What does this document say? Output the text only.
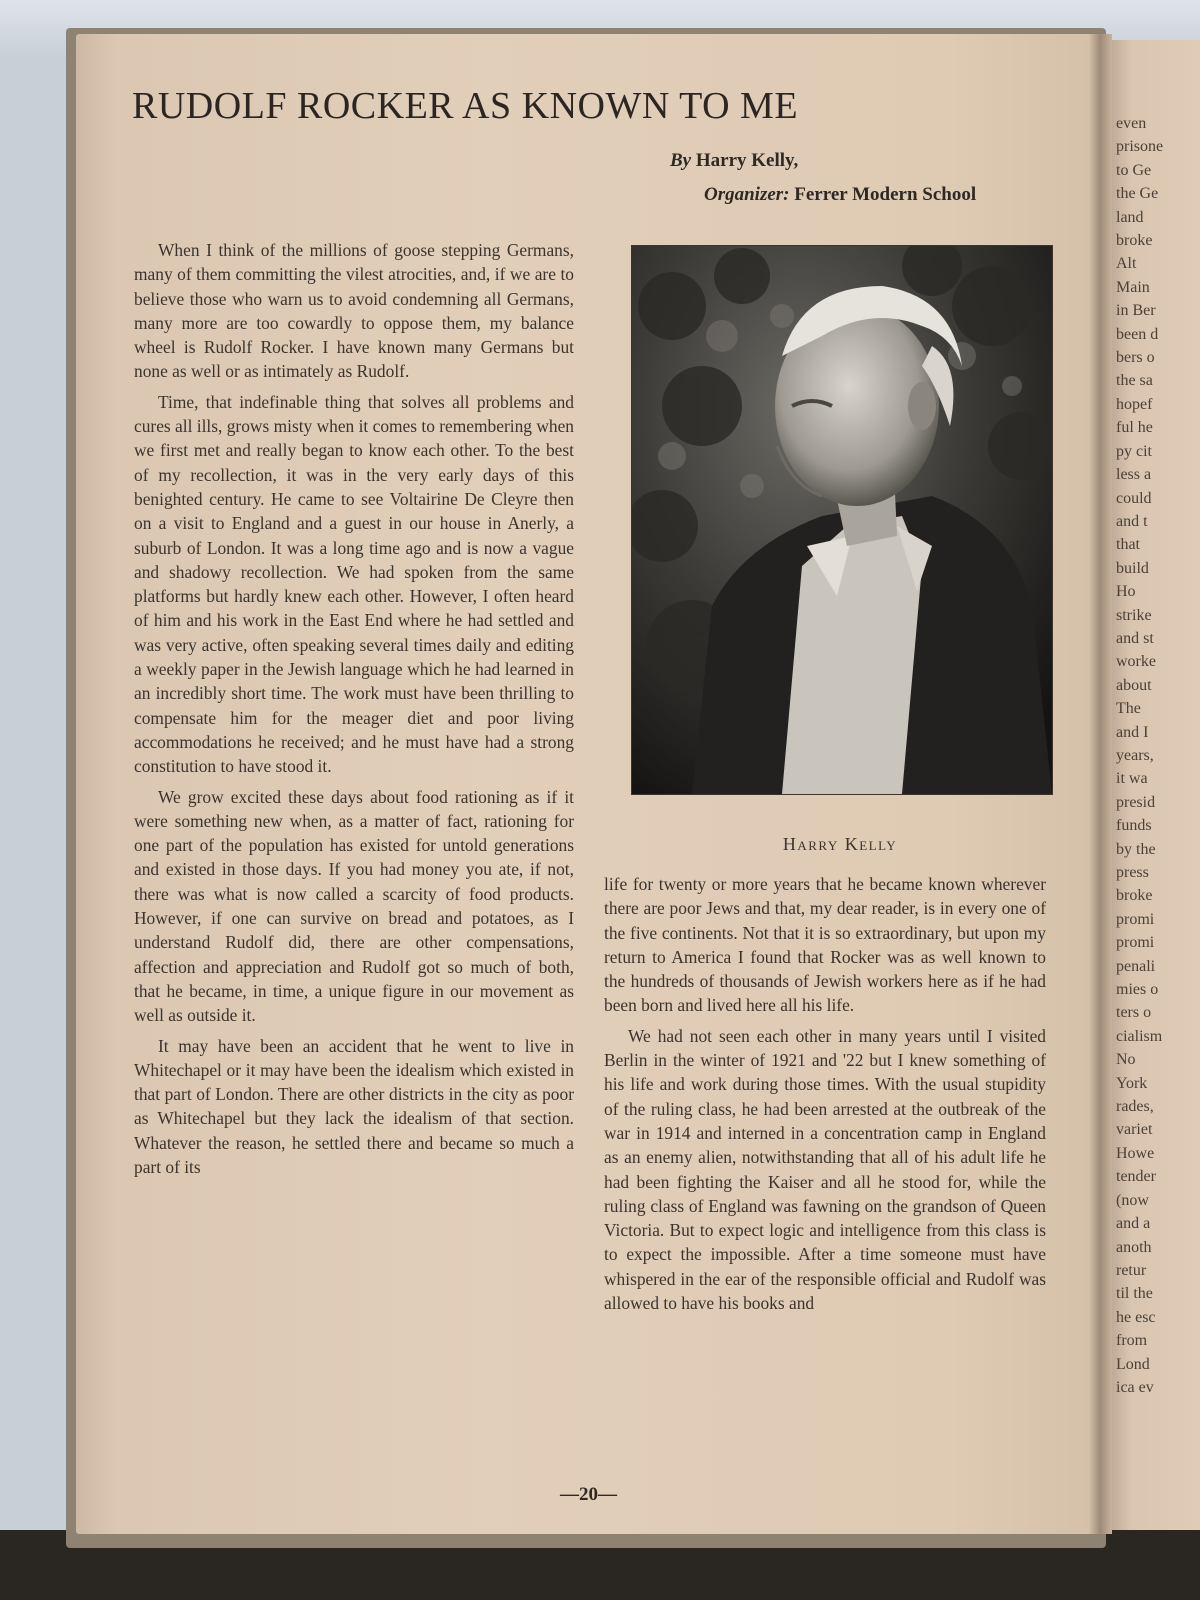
even
prisone
to Ge
the Ge
land
broke
Alt
Main
in Ber
been d
bers o
the sa
hopef
ful he
py cit
less a
could
and t
that
build
Ho
strike
and st
worke
about
The
and I
years,
it wa
presid
funds
by the
press
broke
promi
promi
penali
mies o
ters o
cialism
No
York
rades,
variet
Howe
tender
(now
and a
anoth
retur
til the
he esc
from
Lond
ica ev
RUDOLF ROCKER AS KNOWN TO ME
By Harry Kelly,
Organizer: Ferrer Modern School

When I think of the millions of goose stepping Germans, many of them committing the vilest atrocities, and, if we are to believe those who warn us to avoid condemning all Germans, many more are too cowardly to oppose them, my balance wheel is Rudolf Rocker. I have known many Germans but none as well or as intimately as Rudolf.

Time, that indefinable thing that solves all problems and cures all ills, grows misty when it comes to remembering when we first met and really began to know each other. To the best of my recollection, it was in the very early days of this benighted century. He came to see Voltairine De Cleyre then on a visit to England and a guest in our house in Anerly, a suburb of London. It was a long time ago and is now a vague and shadowy recollection. We had spoken from the same platforms but hardly knew each other. However, I often heard of him and his work in the East End where he had settled and was very active, often speaking several times daily and editing a weekly paper in the Jewish language which he had learned in an incredibly short time. The work must have been thrilling to compensate him for the meager diet and poor living accommodations he received; and he must have had a strong constitution to have stood it.

We grow excited these days about food rationing as if it were something new when, as a matter of fact, rationing for one part of the population has existed for untold generations and existed in those days. If you had money you ate, if not, there was what is now called a scarcity of food products. However, if one can survive on bread and potatoes, as I understand Rudolf did, there are other compensations, affection and appreciation and Rudolf got so much of both, that he became, in time, a unique figure in our movement as well as outside it.

It may have been an accident that he went to live in Whitechapel or it may have been the idealism which existed in that part of London. There are other districts in the city as poor as Whitechapel but they lack the idealism of that section. Whatever the reason, he settled there and became so much a part of its

Harry Kelly

life for twenty or more years that he became known wherever there are poor Jews and that, my dear reader, is in every one of the five continents. Not that it is so extraordinary, but upon my return to America I found that Rocker was as well known to the hundreds of thousands of Jewish workers here as if he had been born and lived here all his life.

We had not seen each other in many years until I visited Berlin in the winter of 1921 and '22 but I knew something of his life and work during those times. With the usual stupidity of the ruling class, he had been arrested at the outbreak of the war in 1914 and interned in a concentration camp in England as an enemy alien, notwithstanding that all of his adult life he had been fighting the Kaiser and all he stood for, while the ruling class of England was fawning on the grandson of Queen Victoria. But to expect logic and intelligence from this class is to expect the impossible. After a time someone must have whispered in the ear of the responsible official and Rudolf was allowed to have his books and

—20—
